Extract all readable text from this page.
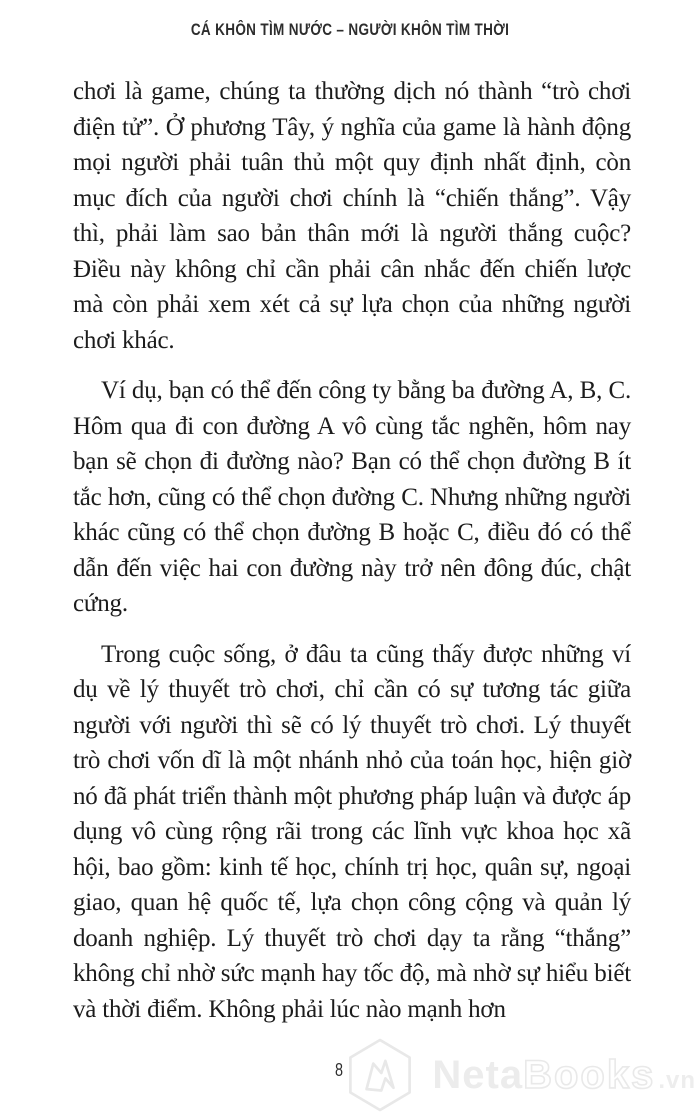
CÁ KHÔN TÌM NƯỚC – NGƯỜI KHÔN TÌM THỜI

chơi là game, chúng ta thường dịch nó thành “trò chơi điện tử”. Ở phương Tây, ý nghĩa của game là hành động mọi người phải tuân thủ một quy định nhất định, còn mục đích của người chơi chính là “chiến thắng”. Vậy thì, phải làm sao bản thân mới là người thắng cuộc? Điều này không chỉ cần phải cân nhắc đến chiến lược mà còn phải xem xét cả sự lựa chọn của những người chơi khác.

Ví dụ, bạn có thể đến công ty bằng ba đường A, B, C. Hôm qua đi con đường A vô cùng tắc nghẽn, hôm nay bạn sẽ chọn đi đường nào? Bạn có thể chọn đường B ít tắc hơn, cũng có thể chọn đường C. Nhưng những người khác cũng có thể chọn đường B hoặc C, điều đó có thể dẫn đến việc hai con đường này trở nên đông đúc, chật cứng.

Trong cuộc sống, ở đâu ta cũng thấy được những ví dụ về lý thuyết trò chơi, chỉ cần có sự tương tác giữa người với người thì sẽ có lý thuyết trò chơi. Lý thuyết trò chơi vốn dĩ là một nhánh nhỏ của toán học, hiện giờ nó đã phát triển thành một phương pháp luận và được áp dụng vô cùng rộng rãi trong các lĩnh vực khoa học xã hội, bao gồm: kinh tế học, chính trị học, quân sự, ngoại giao, quan hệ quốc tế, lựa chọn công cộng và quản lý doanh nghiệp. Lý thuyết trò chơi dạy ta rằng “thắng” không chỉ nhờ sức mạnh hay tốc độ, mà nhờ sự hiểu biết và thời điểm. Không phải lúc nào mạnh hơn

8	NetaBooks .vn
